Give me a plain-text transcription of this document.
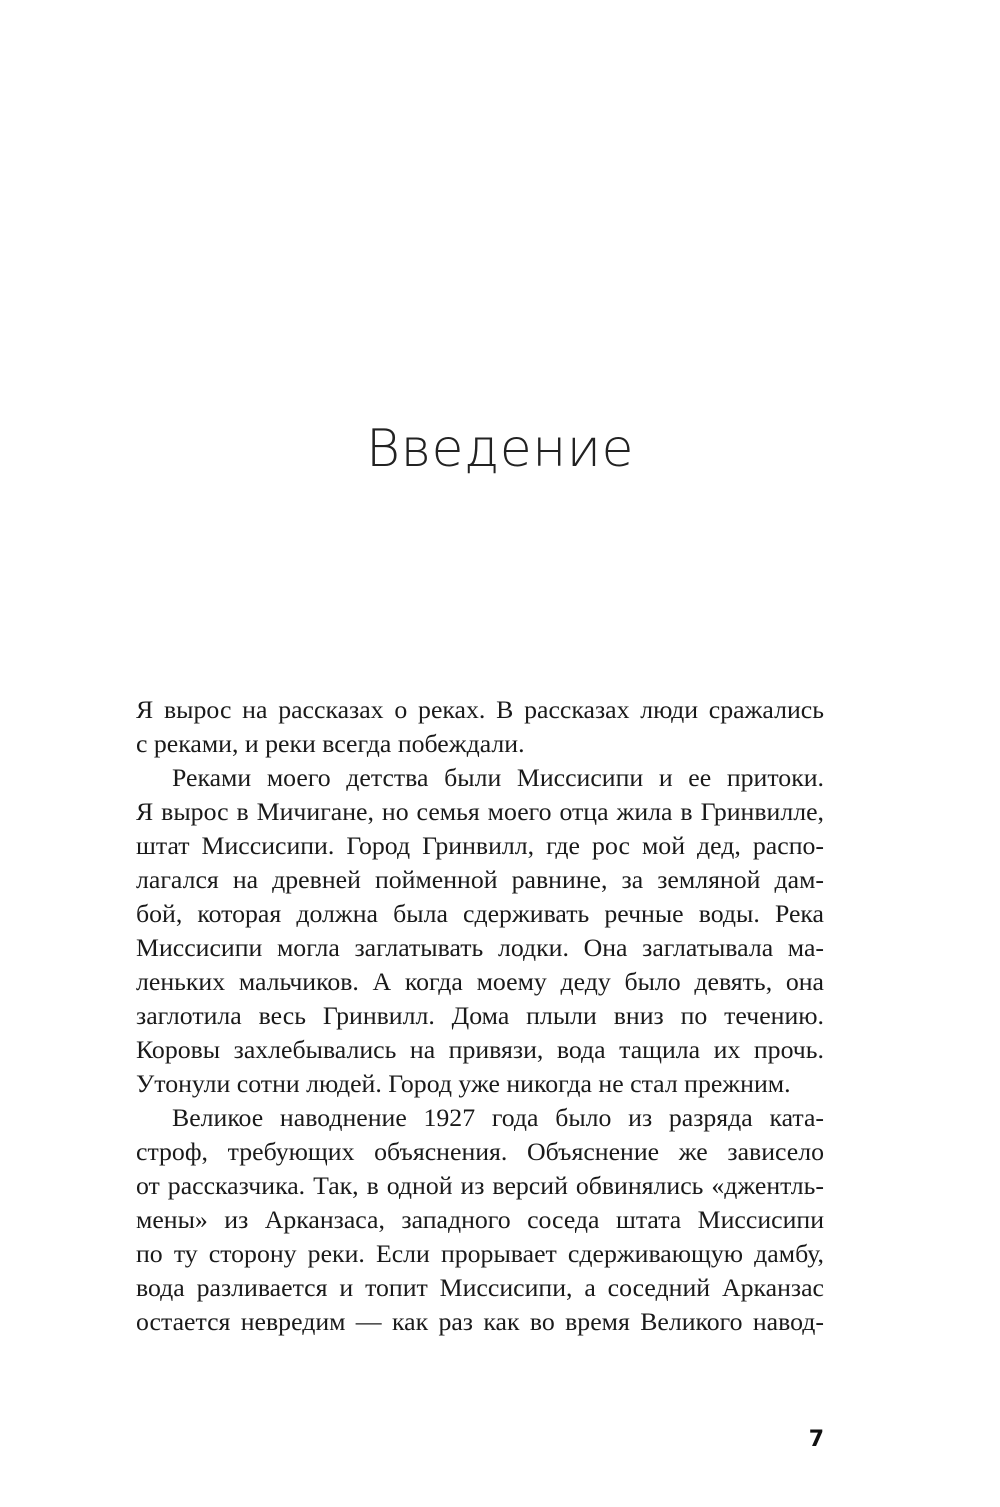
Введение
Я вырос на рассказах о реках. В рассказах люди сражались
с реками, и реки всегда побеждали.
Реками моего детства были Миссисипи и ее притоки.
Я вырос в Мичигане, но семья моего отца жила в Гринвилле,
штат Миссисипи. Город Гринвилл, где рос мой дед, распо-
лагался на древней пойменной равнине, за земляной дам-
бой, которая должна была сдерживать речные воды. Река
Миссисипи могла заглатывать лодки. Она заглатывала ма-
леньких мальчиков. А когда моему деду было девять, она
заглотила весь Гринвилл. Дома плыли вниз по течению.
Коровы захлебывались на привязи, вода тащила их прочь.
Утонули сотни людей. Город уже никогда не стал прежним.
Великое наводнение 1927 года было из разряда ката-
строф, требующих объяснения. Объяснение же зависело
от рассказчика. Так, в одной из версий обвинялись «джентль-
мены» из Арканзаса, западного соседа штата Миссисипи
по ту сторону реки. Если прорывает сдерживающую дамбу,
вода разливается и топит Миссисипи, а соседний Арканзас
остается невредим — как раз как во время Великого навод-
7
